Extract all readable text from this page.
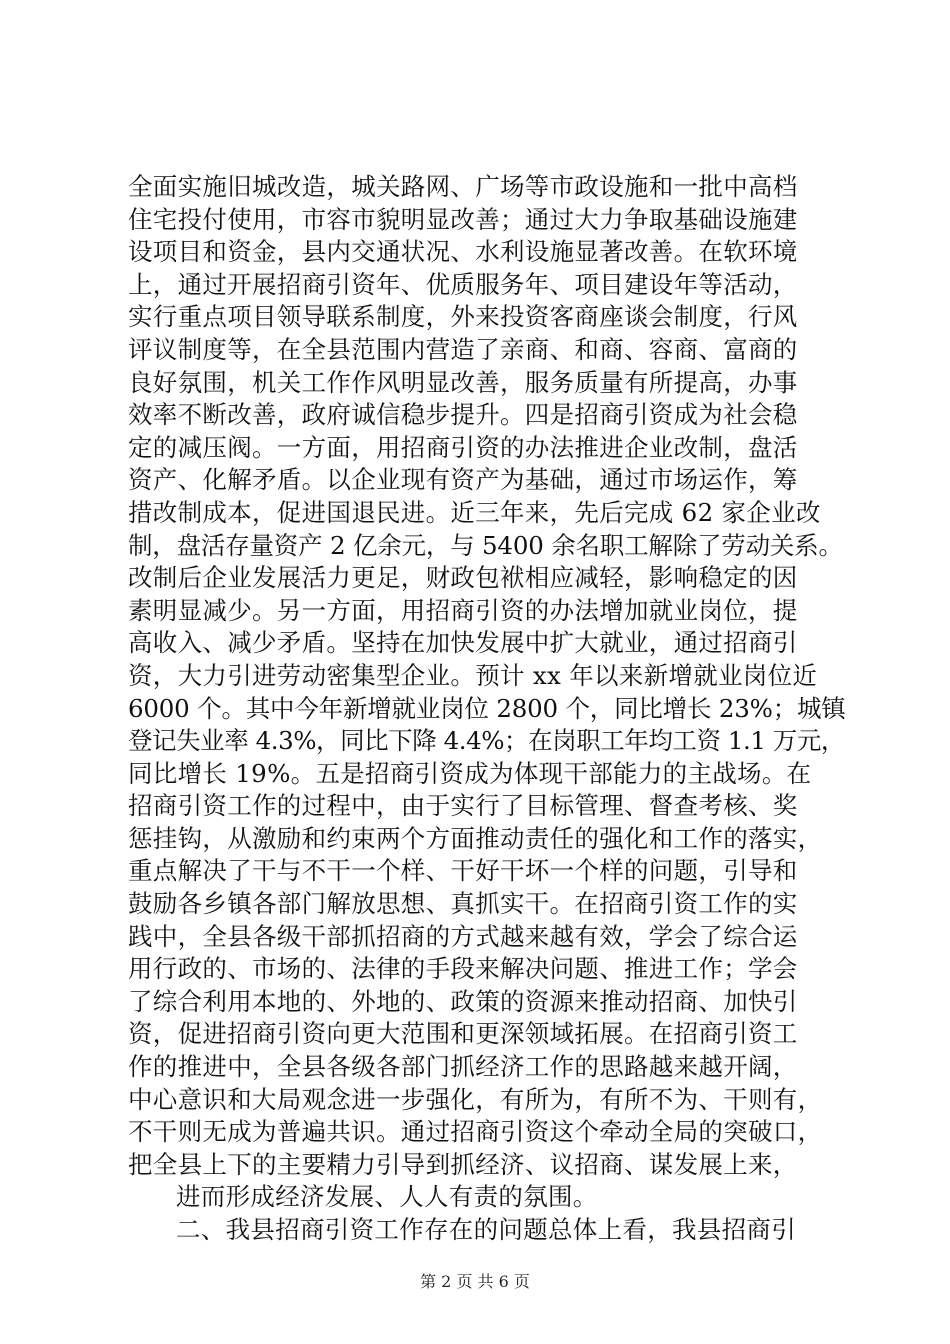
全面实施旧城改造，城关路网、广场等市政设施和一批中高档
住宅投付使用，市容市貌明显改善；通过大力争取基础设施建
设项目和资金，县内交通状况、水利设施显著改善。在软环境
上，通过开展招商引资年、优质服务年、项目建设年等活动，
实行重点项目领导联系制度，外来投资客商座谈会制度，行风
评议制度等，在全县范围内营造了亲商、和商、容商、富商的
良好氛围，机关工作作风明显改善，服务质量有所提高，办事
效率不断改善，政府诚信稳步提升。四是招商引资成为社会稳
定的减压阀。一方面，用招商引资的办法推进企业改制，盘活
资产、化解矛盾。以企业现有资产为基础，通过市场运作，筹
措改制成本，促进国退民进。近三年来，先后完成 62 家企业改
制，盘活存量资产 2 亿余元，与 5400 余名职工解除了劳动关系。
改制后企业发展活力更足，财政包袱相应减轻，影响稳定的因
素明显减少。另一方面，用招商引资的办法增加就业岗位，提
高收入、减少矛盾。坚持在加快发展中扩大就业，通过招商引
资，大力引进劳动密集型企业。预计 xx 年以来新增就业岗位近
6000 个。其中今年新增就业岗位 2800 个，同比增长 23%；城镇
登记失业率 4.3%，同比下降 4.4%；在岗职工年均工资 1.1 万元，
同比增长 19%。五是招商引资成为体现干部能力的主战场。在
招商引资工作的过程中，由于实行了目标管理、督查考核、奖
惩挂钩，从激励和约束两个方面推动责任的强化和工作的落实，
重点解决了干与不干一个样、干好干坏一个样的问题，引导和
鼓励各乡镇各部门解放思想、真抓实干。在招商引资工作的实
践中，全县各级干部抓招商的方式越来越有效，学会了综合运
用行政的、市场的、法律的手段来解决问题、推进工作；学会
了综合利用本地的、外地的、政策的资源来推动招商、加快引
资，促进招商引资向更大范围和更深领域拓展。在招商引资工
作的推进中，全县各级各部门抓经济工作的思路越来越开阔，
中心意识和大局观念进一步强化，有所为，有所不为、干则有，
不干则无成为普遍共识。通过招商引资这个牵动全局的突破口，
把全县上下的主要精力引导到抓经济、议招商、谋发展上来，
进而形成经济发展、人人有责的氛围。
二、我县招商引资工作存在的问题总体上看，我县招商引
第 2 页 共 6 页
